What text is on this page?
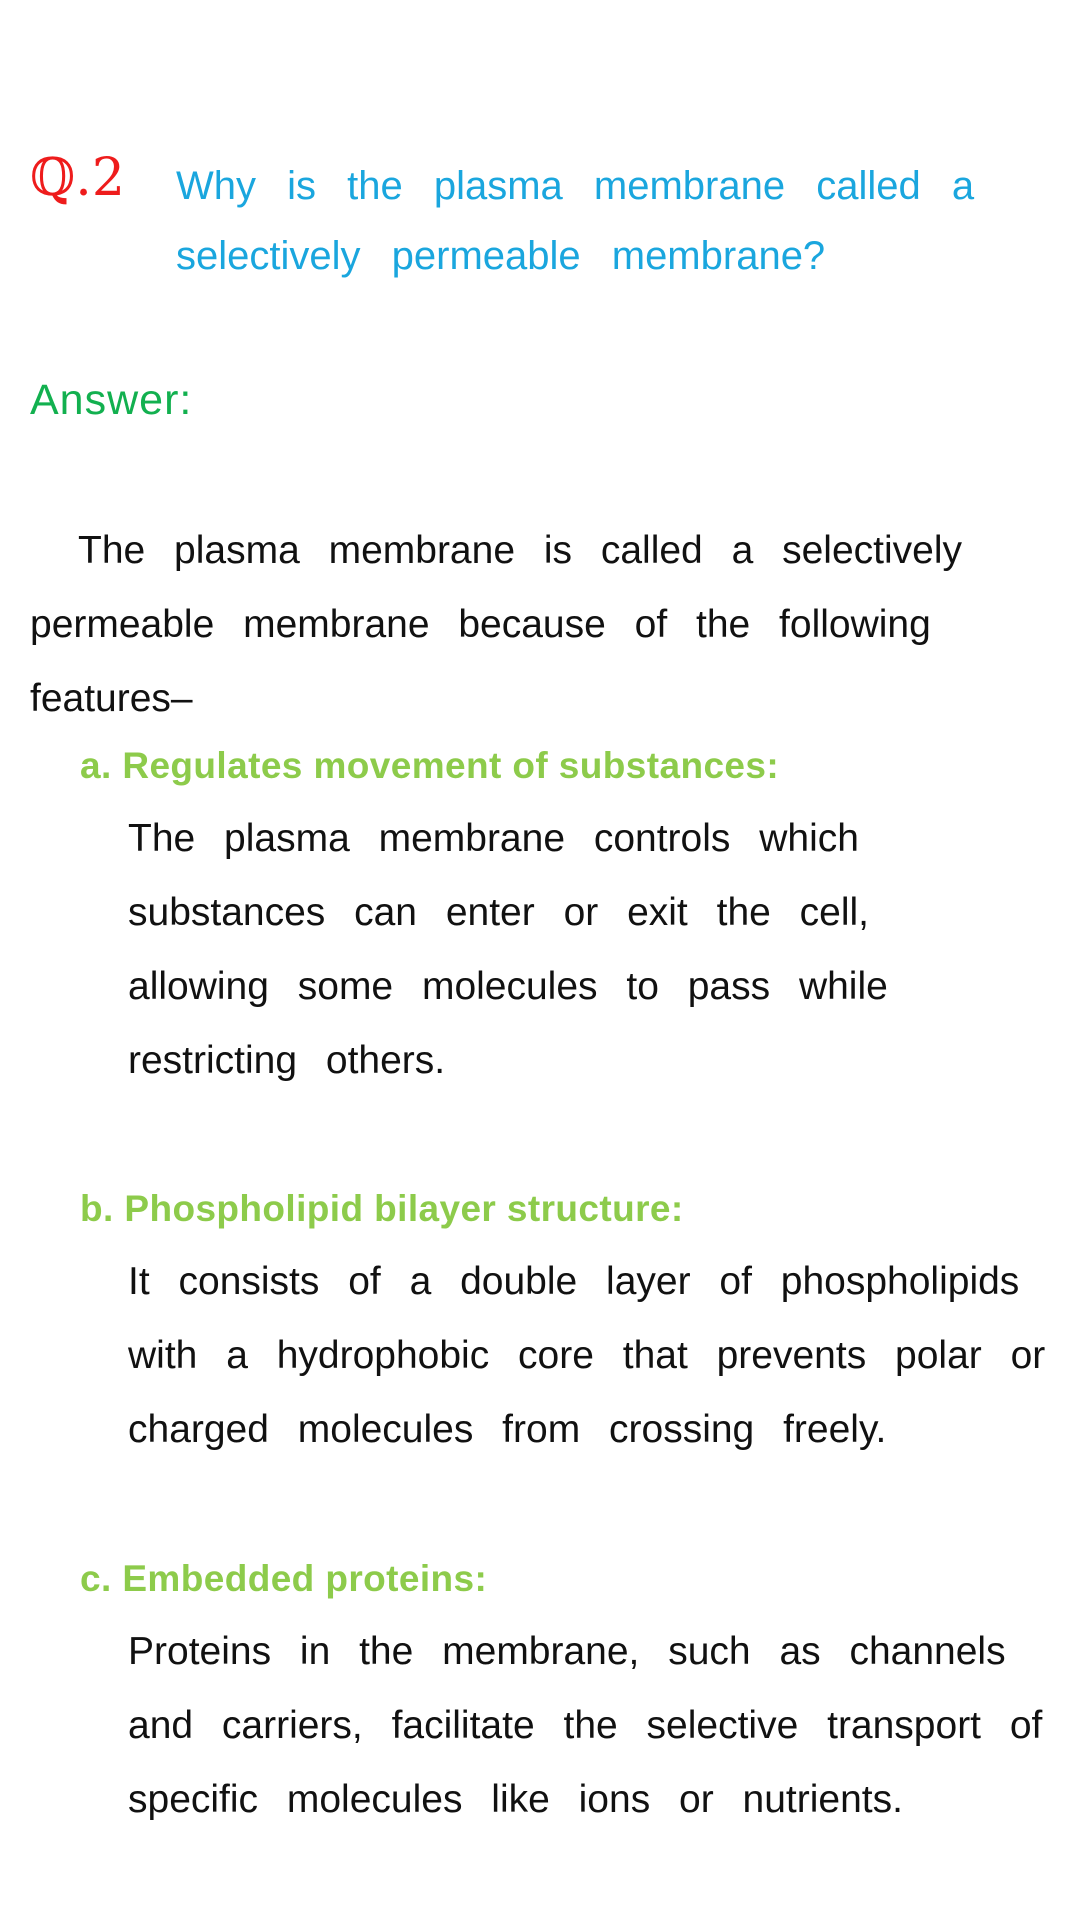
ℚ.2 Why is the plasma membrane called a selectively permeable membrane?
Answer:
The plasma membrane is called a selectively permeable membrane because of the following features–
a. Regulates movement of substances:
The plasma membrane controls which substances can enter or exit the cell, allowing some molecules to pass while restricting others.
b. Phospholipid bilayer structure:
It consists of a double layer of phospholipids with a hydrophobic core that prevents polar or charged molecules from crossing freely.
c. Embedded proteins:
Proteins in the membrane, such as channels and carriers, facilitate the selective transport of specific molecules like ions or nutrients.
